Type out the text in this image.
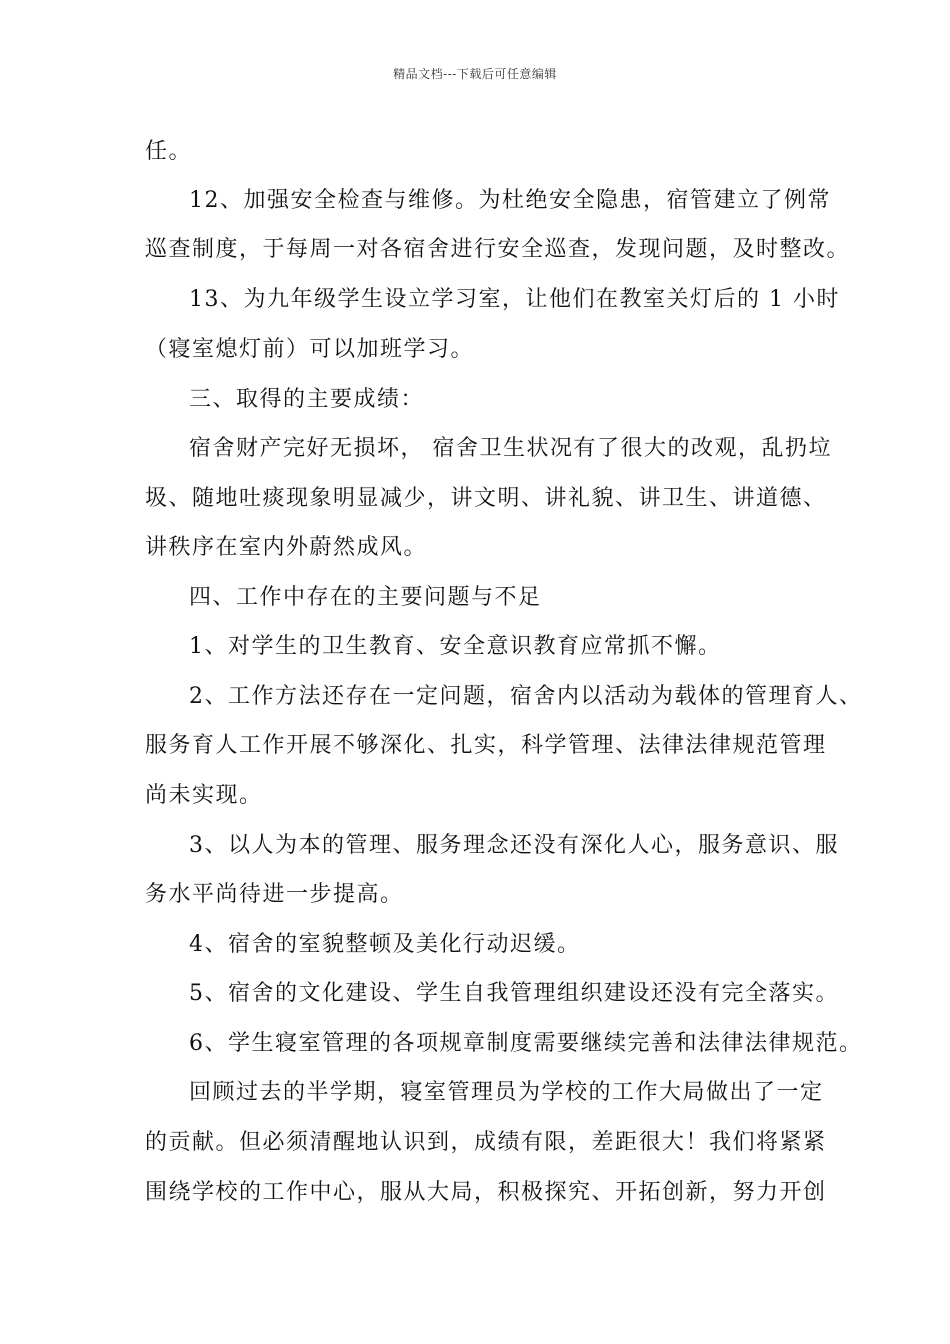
精品文档---下载后可任意编辑
任。
12、加强安全检查与维修。为杜绝安全隐患，宿管建立了例常
巡查制度，于每周一对各宿舍进行安全巡查，发现问题，及时整改。
13、为九年级学生设立学习室，让他们在教室关灯后的 1 小时
（寝室熄灯前）可以加班学习。
三、取得的主要成绩：
宿舍财产完好无损坏， 宿舍卫生状况有了很大的改观，乱扔垃
圾、随地吐痰现象明显减少，讲文明、讲礼貌、讲卫生、讲道德、
讲秩序在室内外蔚然成风。
四、工作中存在的主要问题与不足
1、对学生的卫生教育、安全意识教育应常抓不懈。
2、工作方法还存在一定问题，宿舍内以活动为载体的管理育人、
服务育人工作开展不够深化、扎实，科学管理、法律法律规范管理
尚未实现。
3、以人为本的管理、服务理念还没有深化人心，服务意识、服
务水平尚待进一步提高。
4、宿舍的室貌整顿及美化行动迟缓。
5、宿舍的文化建设、学生自我管理组织建设还没有完全落实。
6、学生寝室管理的各项规章制度需要继续完善和法律法律规范。
回顾过去的半学期，寝室管理员为学校的工作大局做出了一定
的贡献。但必须清醒地认识到，成绩有限，差距很大！我们将紧紧
围绕学校的工作中心，服从大局，积极探究、开拓创新，努力开创
